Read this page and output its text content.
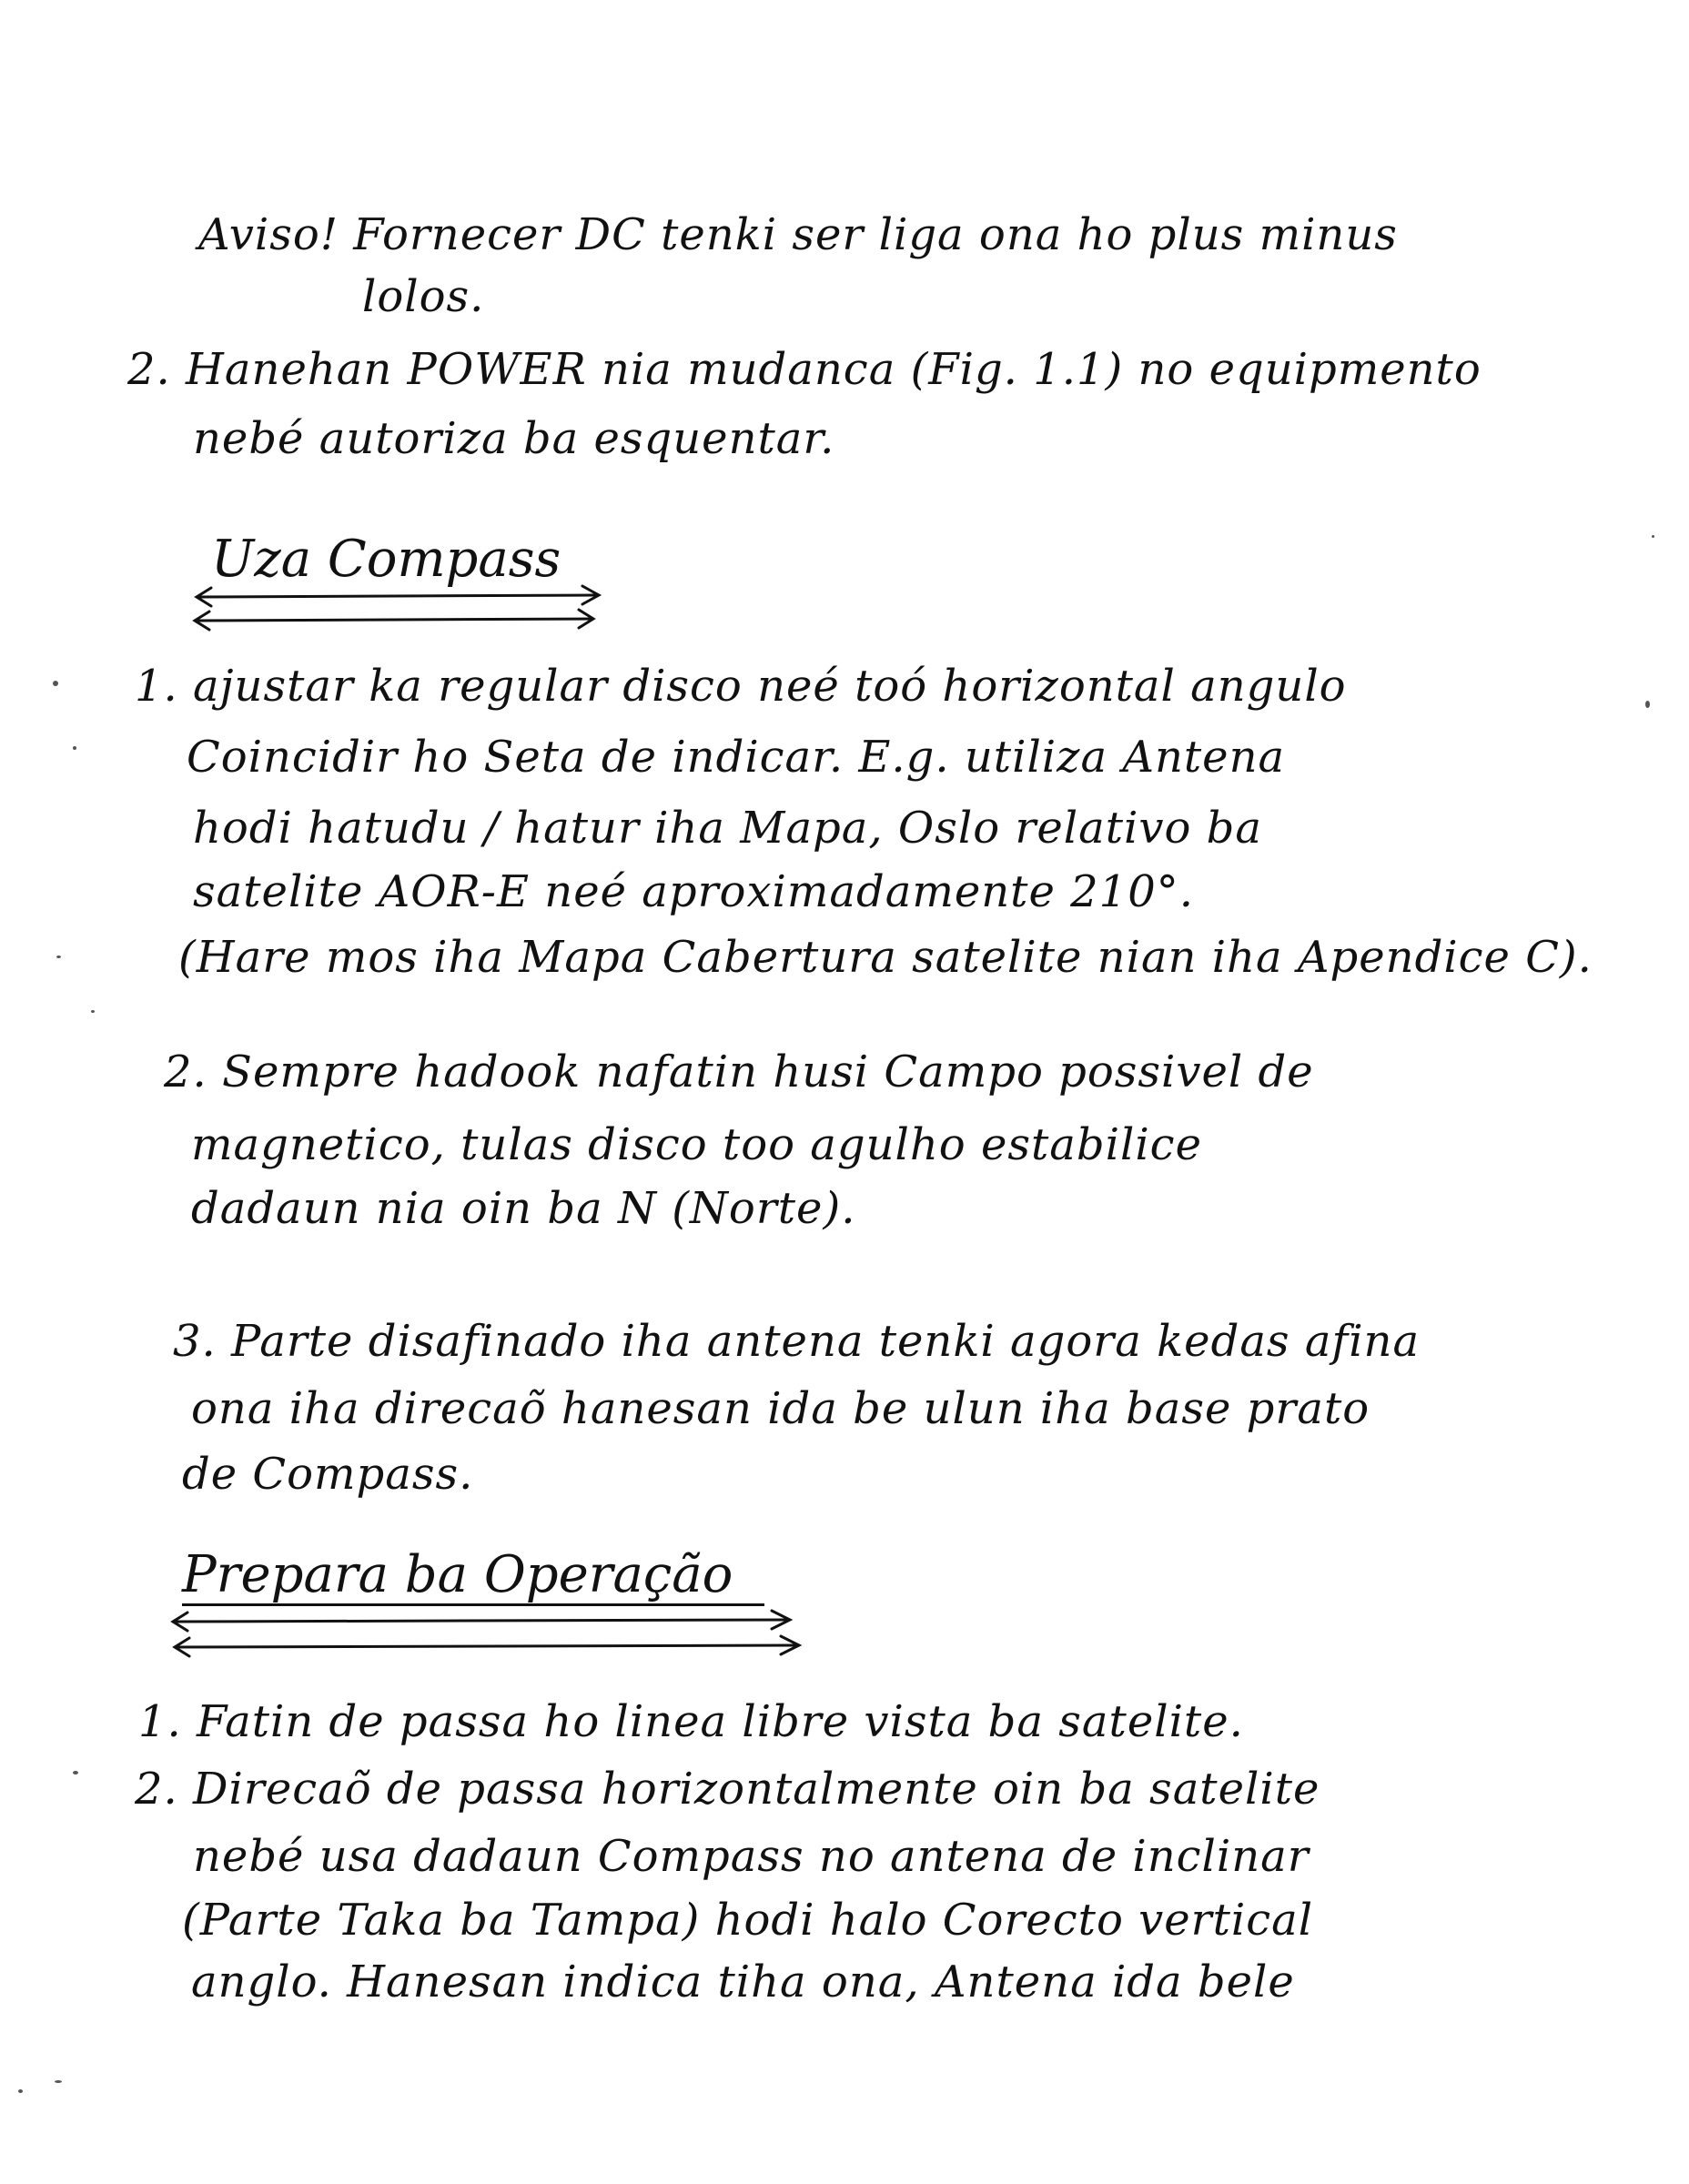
Aviso! Fornecer DC tenki ser liga ona ho plus minus
lolos.
2. Hanehan POWER nia mudanca (Fig. 1.1) no equipmento
nebé autoriza ba esquentar.
Uza Compass
1. ajustar ka regular disco neé toó horizontal angulo
Coincidir ho Seta de indicar. E.g. utiliza Antena
hodi hatudu / hatur iha Mapa, Oslo relativo ba
satelite AOR-E neé aproximadamente 210°.
(Hare mos iha Mapa Cabertura satelite nian iha Apendice C).
2. Sempre hadook nafatin husi Campo possivel de
magnetico, tulas disco too agulho estabilice
dadaun nia oin ba N (Norte).
3. Parte disafinado iha antena tenki agora kedas afina
ona iha direcaõ hanesan ida be ulun iha base prato
de Compass.
Prepara ba Operação
1. Fatin de passa ho linea libre vista ba satelite.
2. Direcaõ de passa horizontalmente oin ba satelite
nebé usa dadaun Compass no antena de inclinar
(Parte Taka ba Tampa) hodi halo Corecto vertical
anglo. Hanesan indica tiha ona, Antena ida bele
